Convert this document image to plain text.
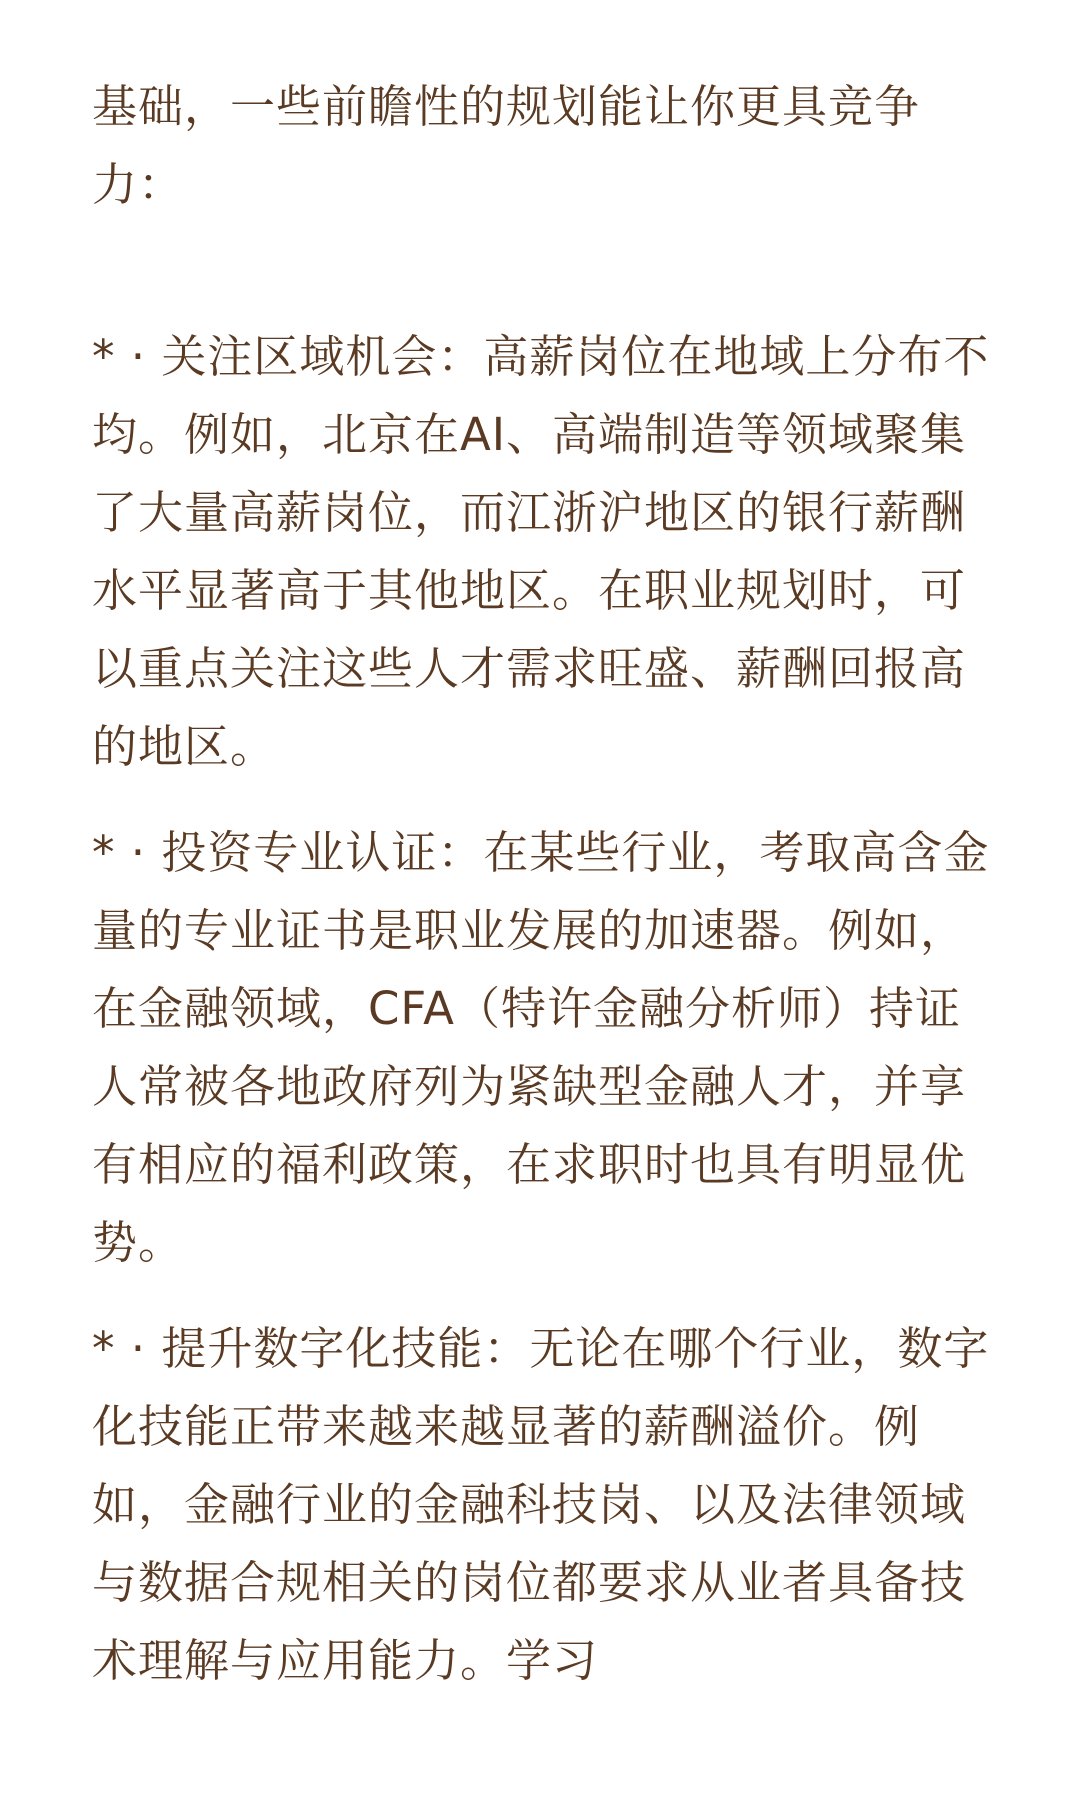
基础，一些前瞻性的规划能让你更具竞争力：

* · 关注区域机会：高薪岗位在地域上分布不均。例如，北京在AI、高端制造等领域聚集了大量高薪岗位，而江浙沪地区的银行薪酬水平显著高于其他地区。在职业规划时，可以重点关注这些人才需求旺盛、薪酬回报高的地区。

* · 投资专业认证：在某些行业，考取高含金量的专业证书是职业发展的加速器。例如，在金融领域，CFA（特许金融分析师）持证人常被各地政府列为紧缺型金融人才，并享有相应的福利政策，在求职时也具有明显优势。

* · 提升数字化技能：无论在哪个行业，数字化技能正带来越来越显著的薪酬溢价。例如，金融行业的金融科技岗、以及法律领域与数据合规相关的岗位都要求从业者具备技术理解与应用能力。学习
